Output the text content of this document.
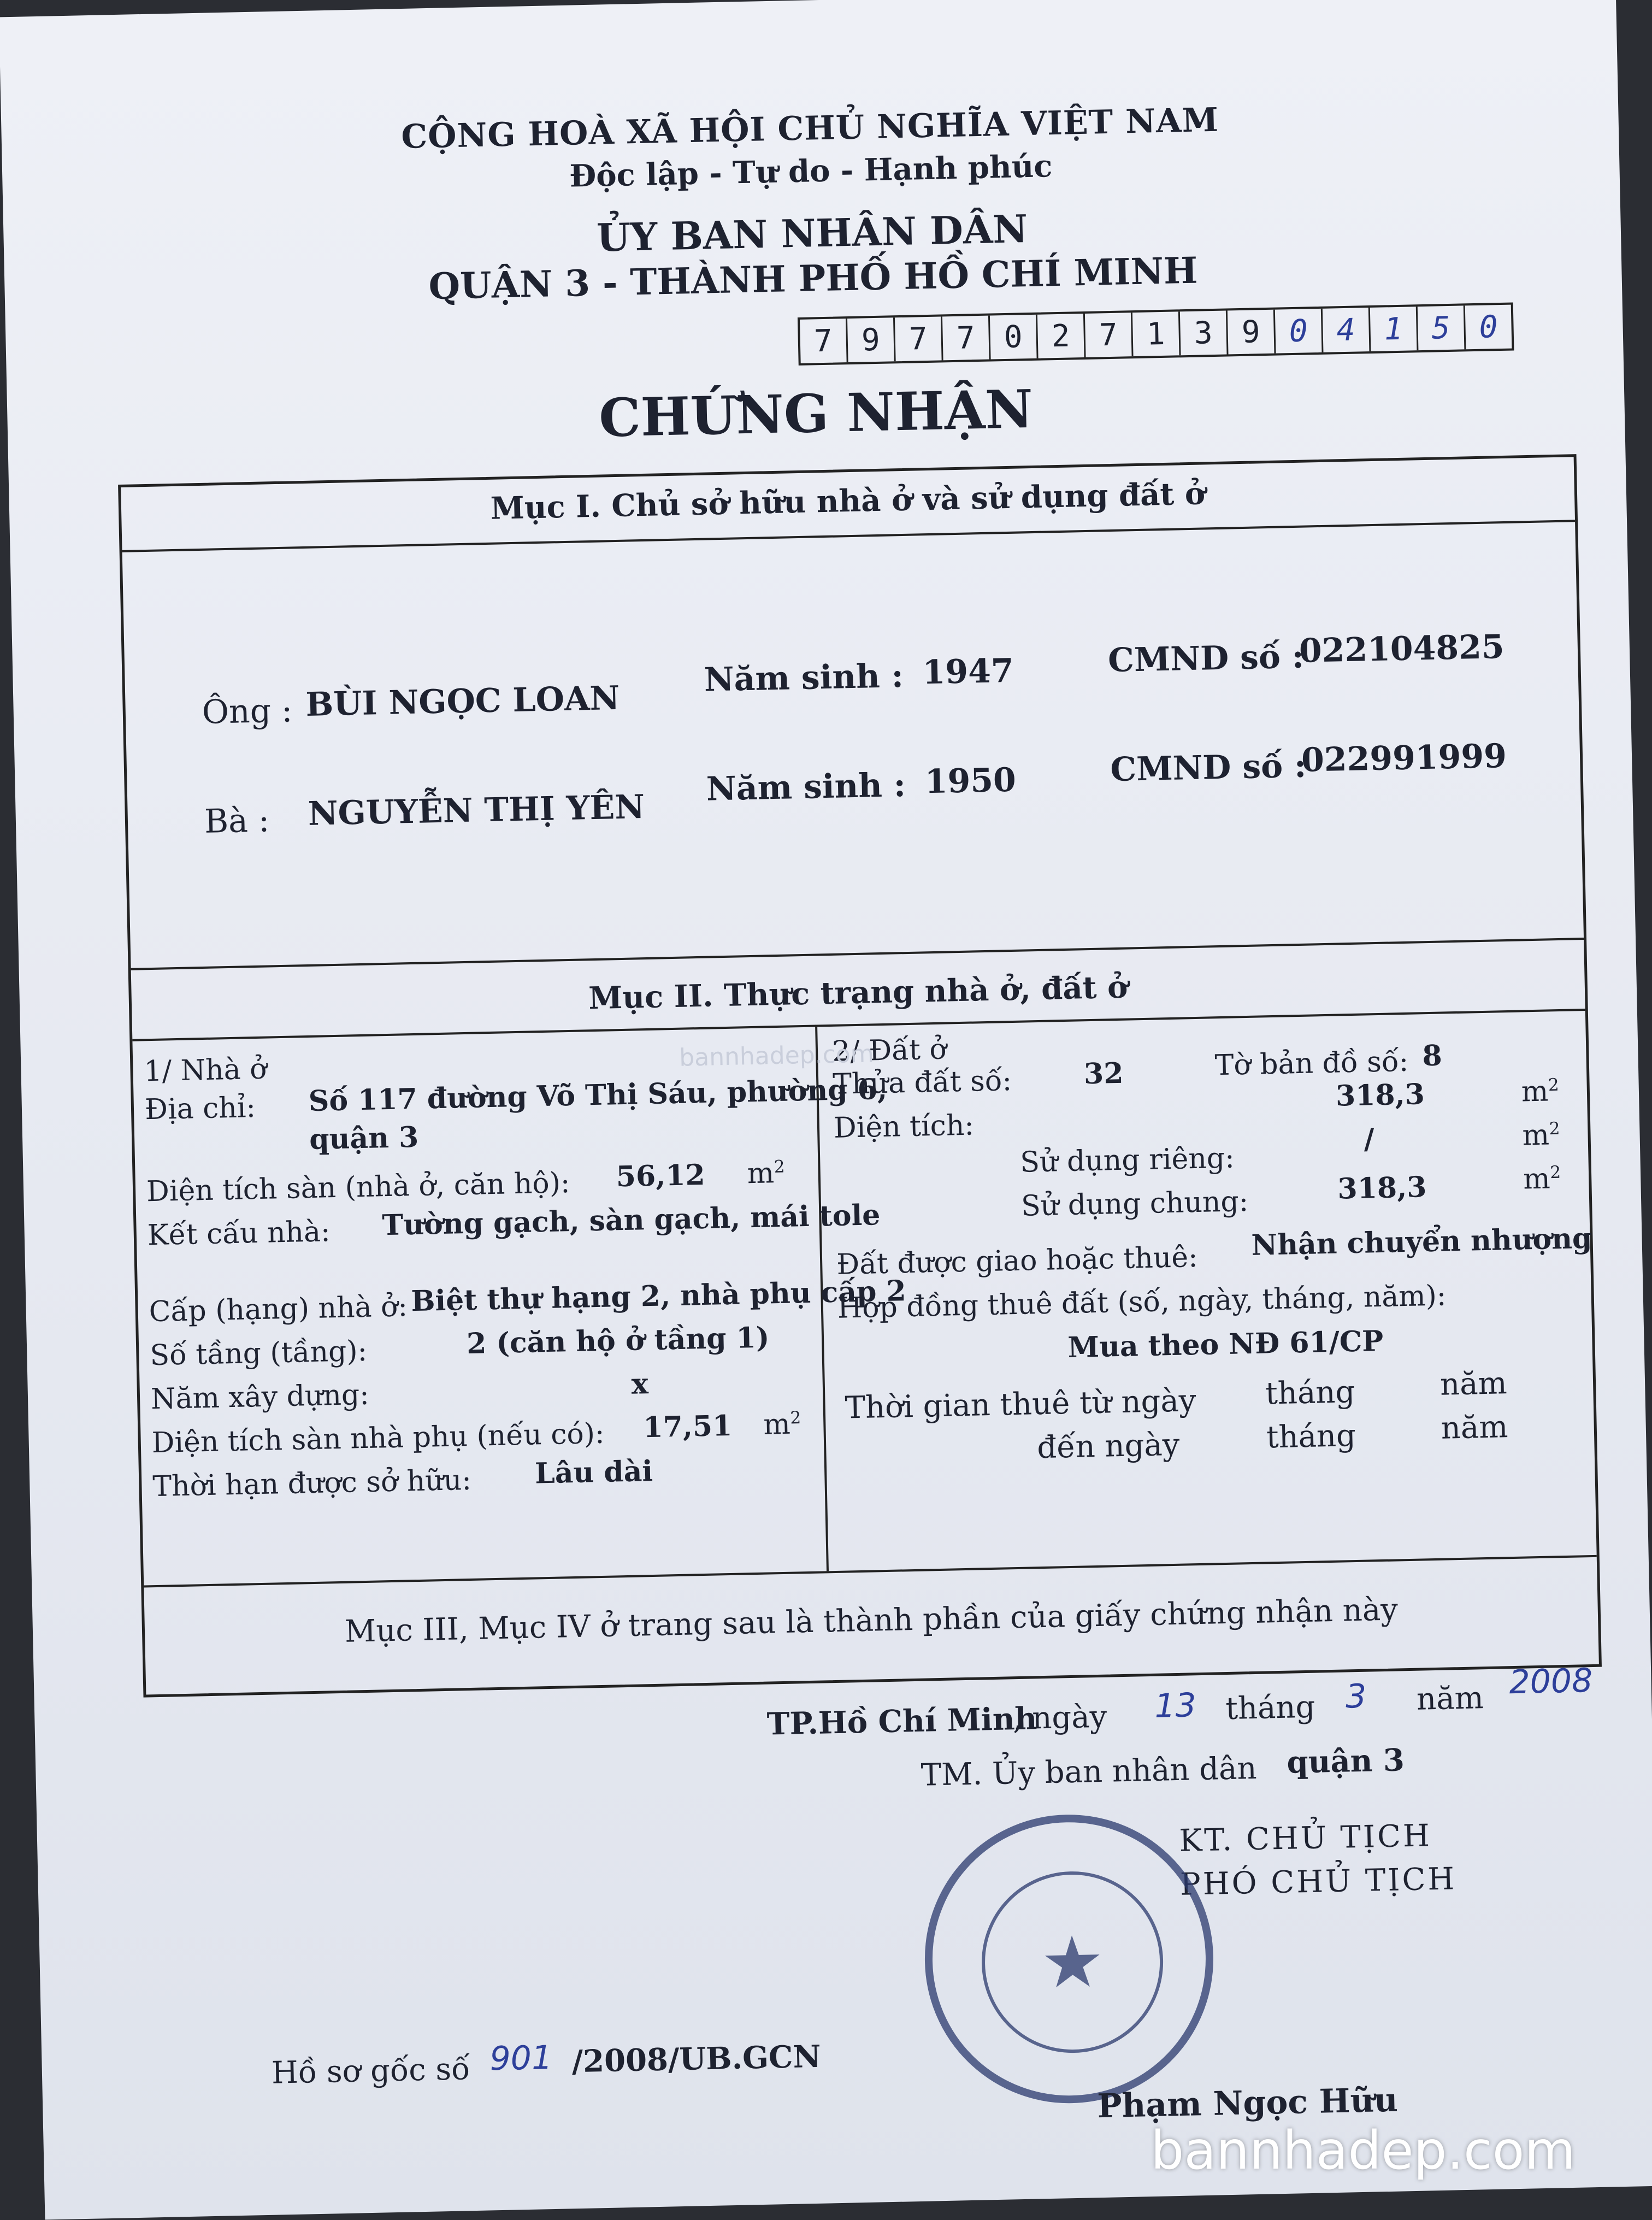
CỘNG HOÀ XÃ HỘI CHỦ NGHĨA VIỆT NAM
Độc lập - Tự do - Hạnh phúc
ỦY BAN NHÂN DÂN
QUẬN 3 - THÀNH PHỐ HỒ CHÍ MINH
7 9 7 7 0 2 7 1 3 9 0 4 1 5 0
CHỨNG NHẬN
Mục I. Chủ sở hữu nhà ở và sử dụng đất ở
Ông : BÙI NGỌC LOAN
Năm sinh : 1947	CMND số :
022104825
Bà : NGUYỄN THỊ YÊN
Năm sinh : 1950	CMND số :
022991999
Mục II. Thực trạng nhà ở, đất ở
1/ Nhà ở
Địa chỉ: Số 117 đường Võ Thị Sáu, phường 6,
quận 3
Diện tích sàn (nhà ở, căn hộ): 56,12 $m^2$
Kết cấu nhà: Tường gạch, sàn gạch, mái tole
Cấp (hạng) nhà ở: Biệt thự hạng 2, nhà phụ cấp 2
Số tầng (tầng):	2 (căn hộ ở tầng 1)
Năm xây dựng:	x
Diện tích sàn nhà phụ (nếu có): 17,51 $m^2$
Thời hạn được sở hữu: Lâu dài
2/ Đất ở
bannhadep.com
Thửa đất số:	32	Tờ bản đồ số: 8
Diện tích:
318,3	$m^2$
Sử dụng riêng:
/	$m^2$
Sử dụng chung:	318,3	$m^2$
Đất được giao hoặc thuê: Nhận chuyển nhượng
Hợp đồng thuê đất (số, ngày, tháng, năm):
Mua theo NĐ 61/CP
Thời gian thuê từ ngày tháng	năm
đến ngày	tháng	năm
Mục III, Mục IV ở trang sau là thành phần của giấy chứng nhận này
TP.Hồ Chí Minh
, ngày 13 tháng 3 năm 2008
TM. Ủy ban nhân dân quận 3
KT. CHỦ TỊCH
PHÓ CHỦ TỊCH
★
Phạm Ngọc Hữu
Hồ sơ gốc số 901 /2008/UB.GCN
bannhadep.com
